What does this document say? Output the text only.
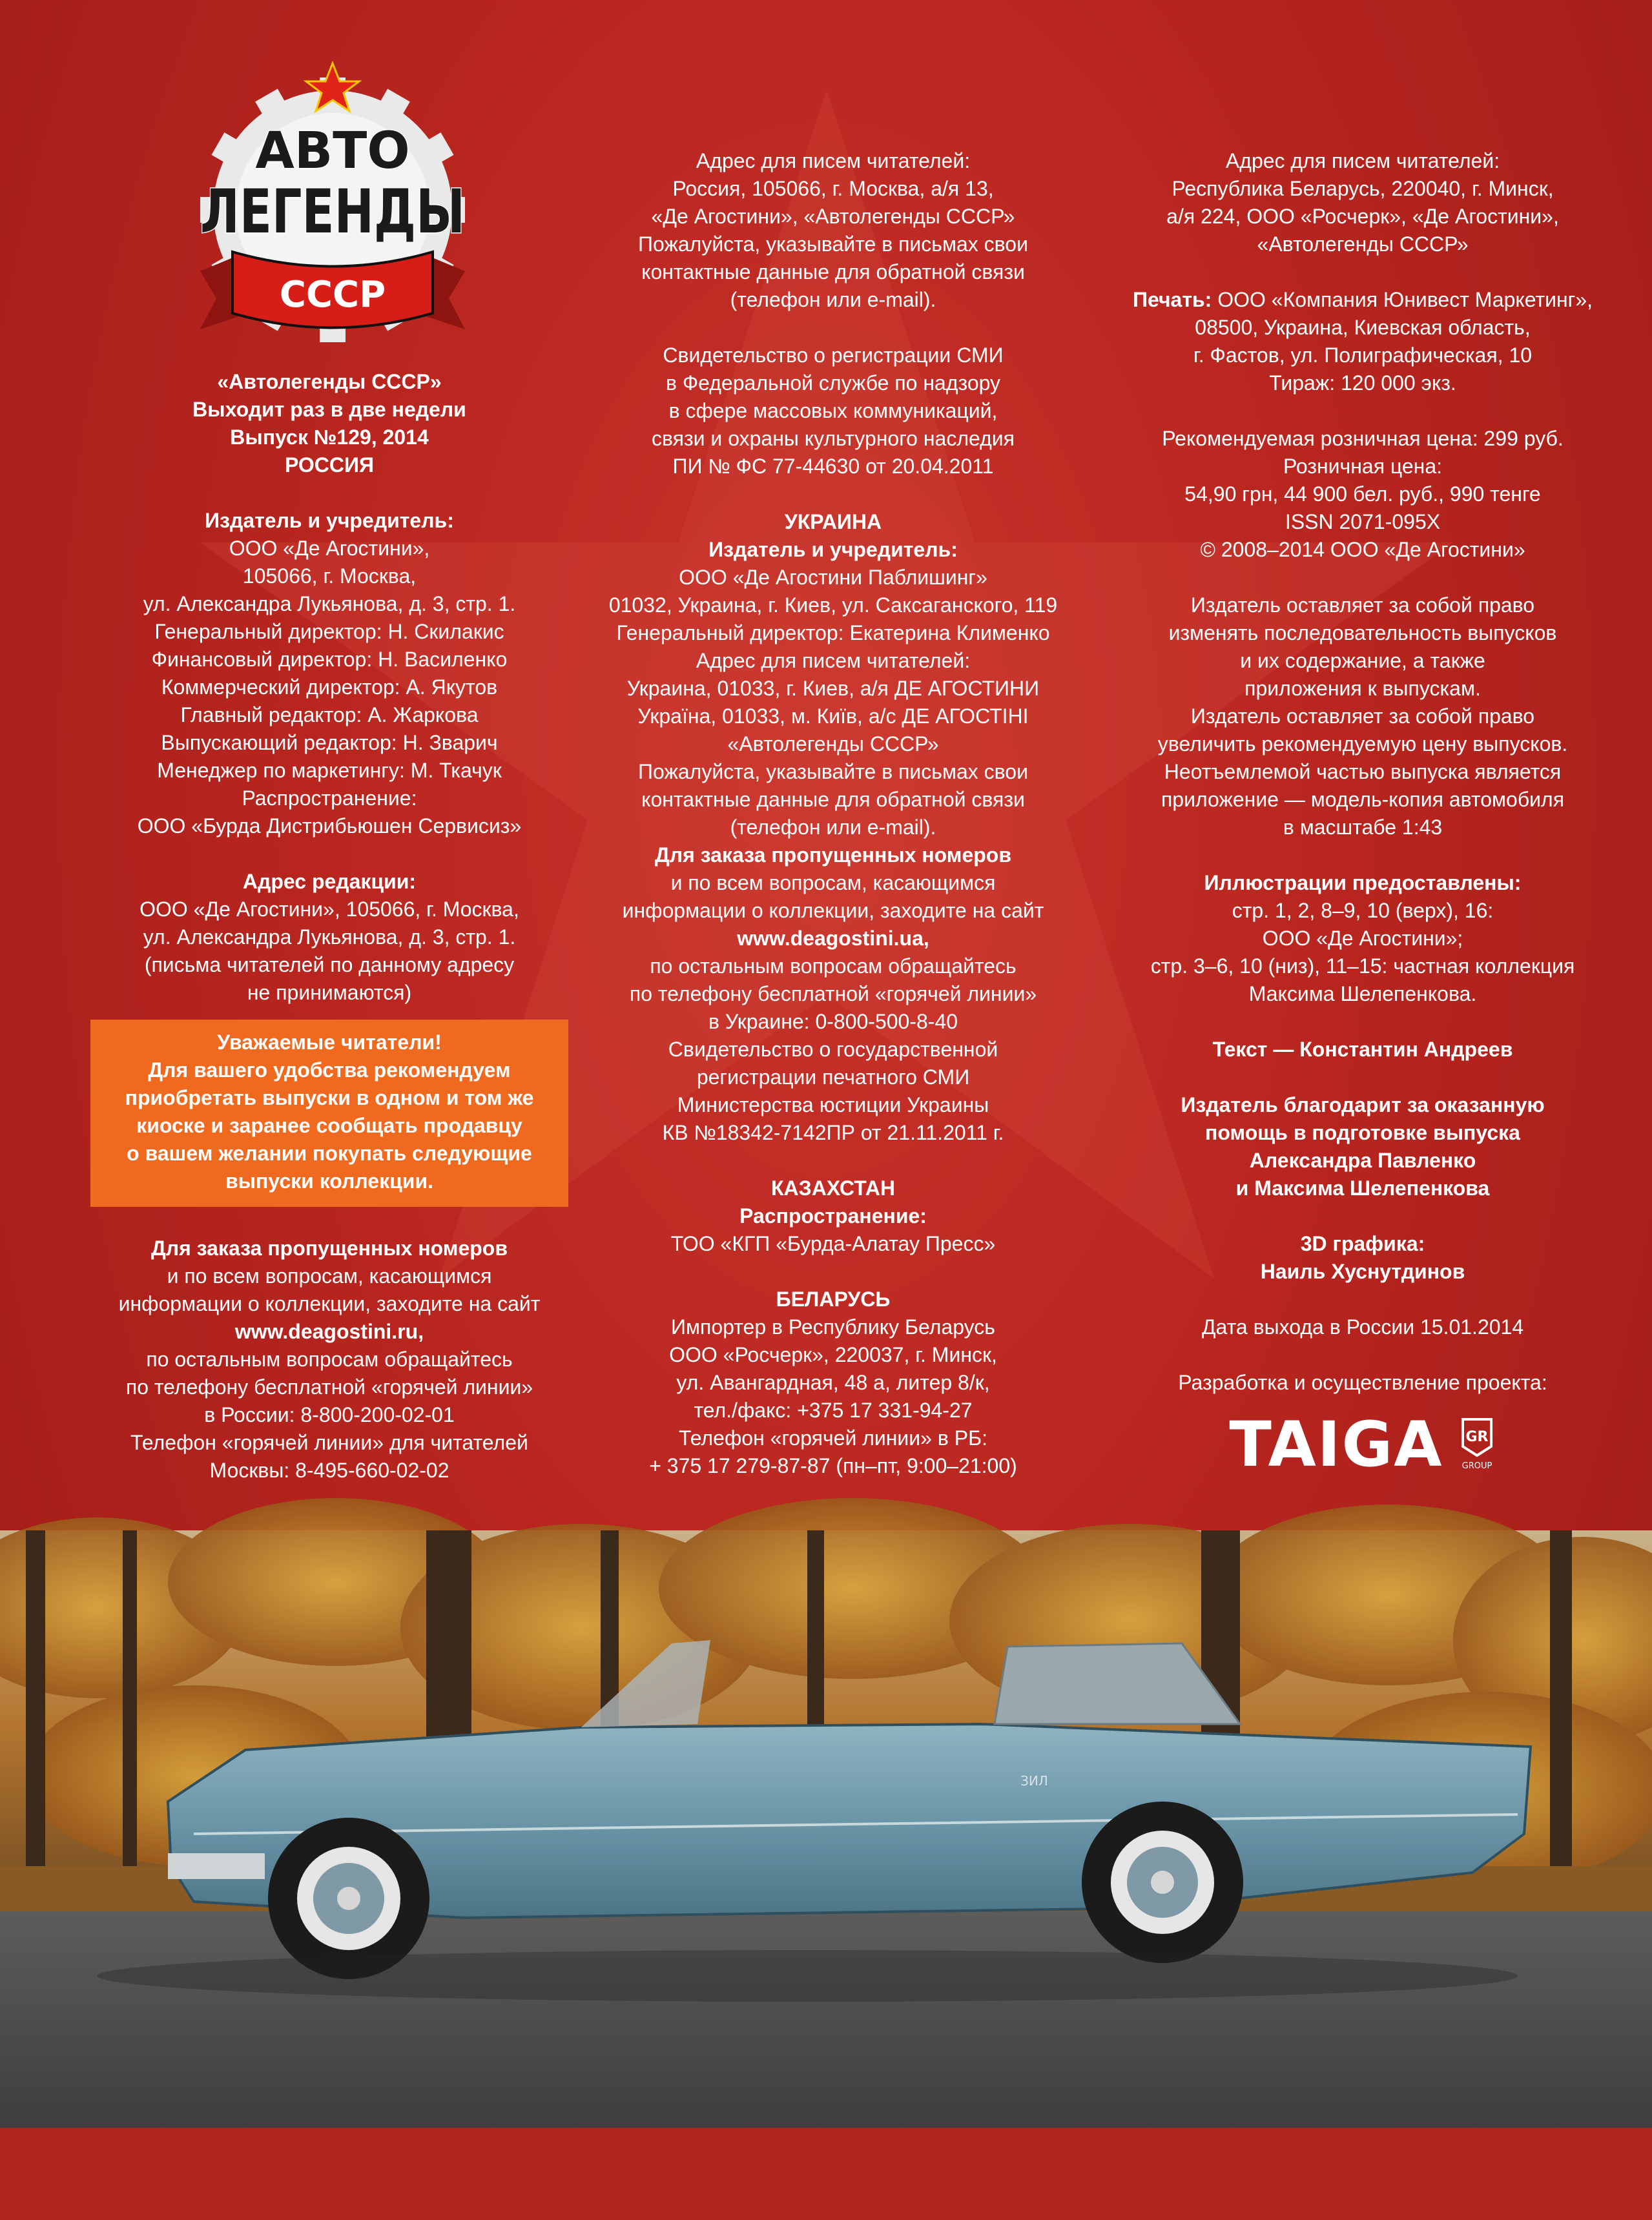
АВТО
ЛЕГЕНДЫ
СССР

«Автолегенды СССР»

Выходит раз в две недели

Выпуск №129, 2014

РОССИЯ

Издатель и учредитель:

ООО «Де Агостини»,

105066, г. Москва,

ул. Александра Лукьянова, д. 3, стр. 1.

Генеральный директор: Н. Скилакис

Финансовый директор: Н. Василенко

Коммерческий директор: А. Якутов

Главный редактор: А. Жаркова

Выпускающий редактор: Н. Зварич

Менеджер по маркетингу: М. Ткачук

Распространение:

ООО «Бурда Дистрибьюшен Сервисиз»

Адрес редакции:

ООО «Де Агостини», 105066, г. Москва,

ул. Александра Лукьянова, д. 3, стр. 1.

(письма читателей по данному адресу

не принимаются)

Уважаемые читатели!

Для вашего удобства рекомендуем

приобретать выпуски в одном и том же

киоске и заранее сообщать продавцу

о вашем желании покупать следующие

выпуски коллекции.

Для заказа пропущенных номеров

и по всем вопросам, касающимся

информации о коллекции, заходите на сайт

www.deagostini.ru,

по остальным вопросам обращайтесь

по телефону бесплатной «горячей линии»

в России: 8-800-200-02-01

Телефон «горячей линии» для читателей

Москвы: 8-495-660-02-02

Адрес для писем читателей:

Россия, 105066, г. Москва, а/я 13,

«Де Агостини», «Автолегенды СССР»

Пожалуйста, указывайте в письмах свои

контактные данные для обратной связи

(телефон или e-mail).

Свидетельство о регистрации СМИ

в Федеральной службе по надзору

в сфере массовых коммуникаций,

связи и охраны культурного наследия

ПИ № ФС 77-44630 от 20.04.2011

УКРАИНА

Издатель и учредитель:

ООО «Де Агостини Паблишинг»

01032, Украина, г. Киев, ул. Саксаганского, 119

Генеральный директор: Екатерина Клименко

Адрес для писем читателей:

Украина, 01033, г. Киев, а/я ДЕ АГОСТИНИ

Україна, 01033, м. Київ, а/с ДЕ АГОСТІНІ

«Автолегенды СССР»

Пожалуйста, указывайте в письмах свои

контактные данные для обратной связи

(телефон или e-mail).

Для заказа пропущенных номеров

и по всем вопросам, касающимся

информации о коллекции, заходите на сайт

www.deagostini.ua,

по остальным вопросам обращайтесь

по телефону бесплатной «горячей линии»

в Украине: 0-800-500-8-40

Свидетельство о государственной

регистрации печатного СМИ

Министерства юстиции Украины

КВ №18342-7142ПР от 21.11.2011 г.

КАЗАХСТАН

Распространение:

ТОО «КГП «Бурда-Алатау Пресс»

БЕЛАРУСЬ

Импортер в Республику Беларусь

ООО «Росчерк», 220037, г. Минск,

ул. Авангардная, 48 а, литер 8/к,

тел./факс: +375 17 331-94-27

Телефон «горячей линии» в РБ:

+ 375 17 279-87-87 (пн–пт, 9:00–21:00)

Адрес для писем читателей:

Республика Беларусь, 220040, г. Минск,

а/я 224, ООО «Росчерк», «Де Агостини»,

«Автолегенды СССР»

Печать: ООО «Компания Юнивест Маркетинг»,

08500, Украина, Киевская область,

г. Фастов, ул. Полиграфическая, 10

Тираж: 120 000 экз.

Рекомендуемая розничная цена: 299 руб.

Розничная цена:

54,90 грн, 44 900 бел. руб., 990 тенге

ISSN 2071-095X

© 2008–2014 ООО «Де Агостини»

Издатель оставляет за собой право

изменять последовательность выпусков

и их содержание, а также

приложения к выпускам.

Издатель оставляет за собой право

увеличить рекомендуемую цену выпусков.

Неотъемлемой частью выпуска является

приложение — модель-копия автомобиля

в масштабе 1:43

Иллюстрации предоставлены:

стр. 1, 2, 8–9, 10 (верх), 16:

ООО «Де Агостини»;

стр. 3–6, 10 (низ), 11–15: частная коллекция

Максима Шелепенкова.

Текст — Константин Андреев

Издатель благодарит за оказанную

помощь в подготовке выпуска

Александра Павленко

и Максима Шелепенкова

3D графика:

Наиль Хуснутдинов

Дата выхода в России 15.01.2014

Разработка и осуществление проекта:

TAIGA GR
GROUP
ЗИЛ
